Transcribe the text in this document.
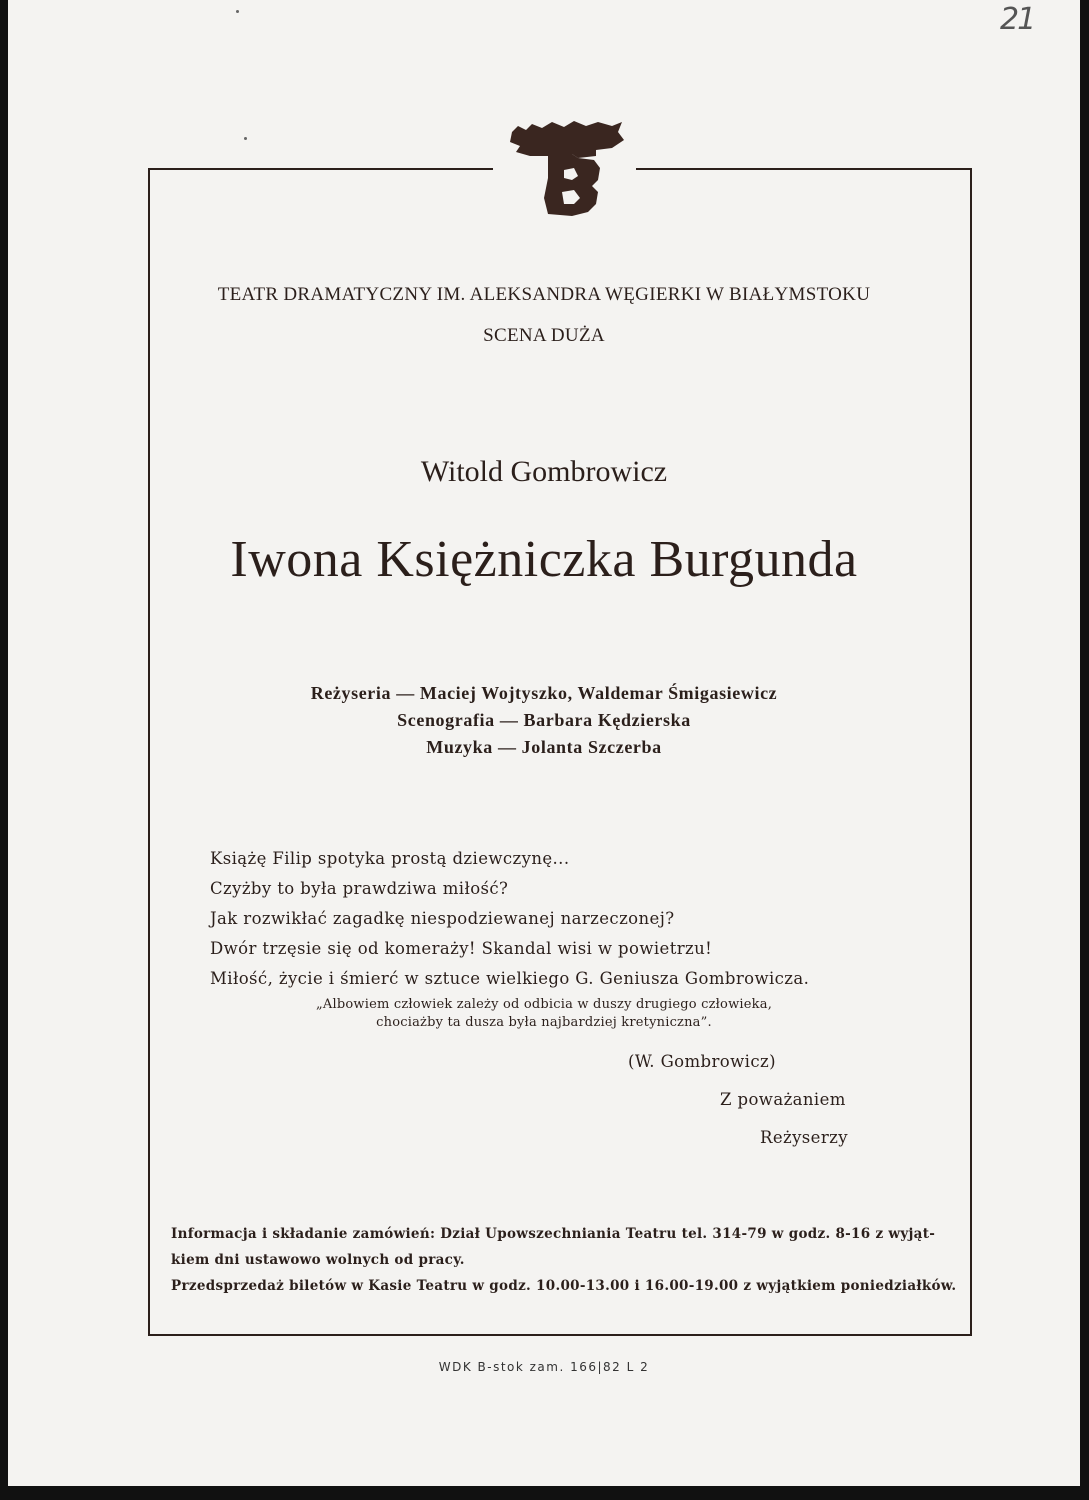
21
TEATR DRAMATYCZNY IM. ALEKSANDRA WĘGIERKI W BIAŁYMSTOKU
SCENA DUŻA
Witold Gombrowicz
Iwona Księżniczka Burgunda
Reżyseria — Maciej Wojtyszko, Waldemar Śmigasiewicz
Scenografia — Barbara Kędzierska
Muzyka — Jolanta Szczerba
Książę Filip spotyka prostą dziewczynę...
Czyżby to była prawdziwa miłość?
Jak rozwikłać zagadkę niespodziewanej narzeczonej?
Dwór trzęsie się od komeraży! Skandal wisi w powietrzu!
Miłość, życie i śmierć w sztuce wielkiego G. Geniusza Gombrowicza.
„Albowiem człowiek zależy od odbicia w duszy drugiego człowieka,
chociażby ta dusza była najbardziej kretyniczna”.
(W. Gombrowicz)
Z poważaniem
Reżyserzy
Informacja i składanie zamówień: Dział Upowszechniania Teatru tel. 314-79 w godz. 8-16 z wyjąt-
kiem dni ustawowo wolnych od pracy.
Przedsprzedaż biletów w Kasie Teatru w godz. 10.00-13.00 i 16.00-19.00 z wyjątkiem poniedziałków.
WDK B-stok zam. 166|82 L 2
